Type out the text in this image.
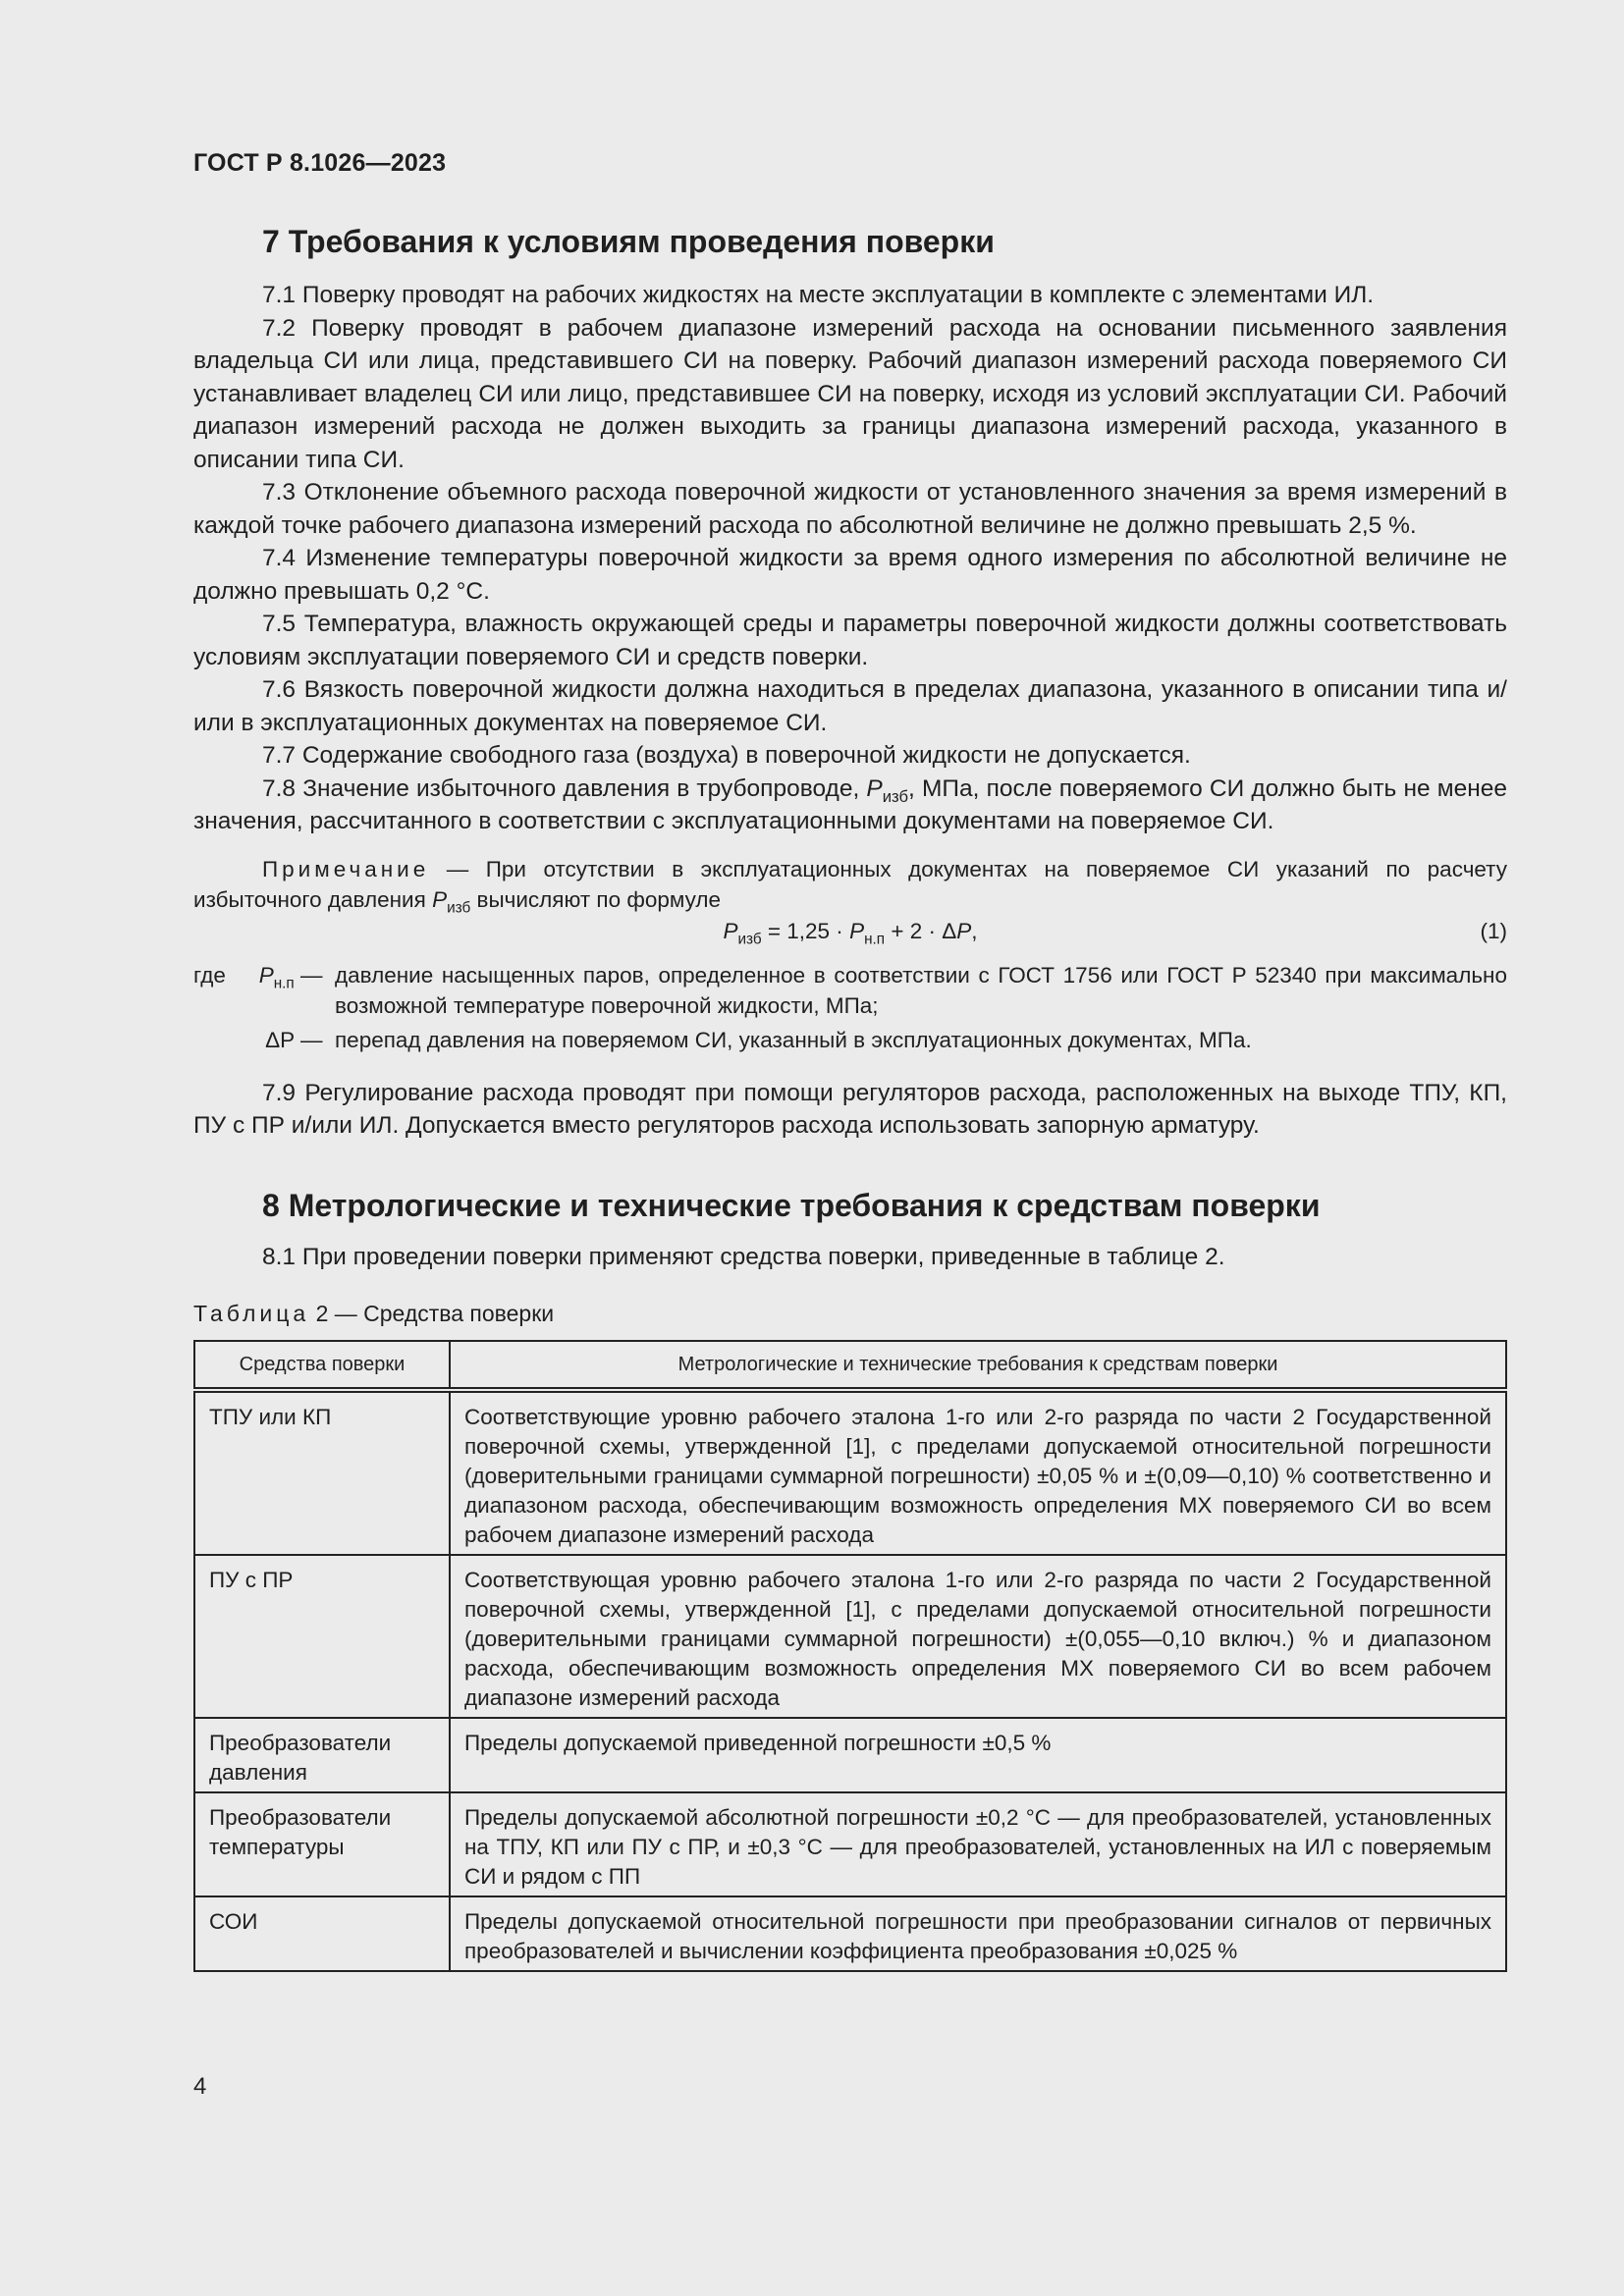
ГОСТ Р 8.1026—2023
7 Требования к условиям проведения поверки

7.1 Поверку проводят на рабочих жидкостях на месте эксплуатации в комплекте с элементами ИЛ.

7.2 Поверку проводят в рабочем диапазоне измерений расхода на основании письменного заявления владельца СИ или лица, представившего СИ на поверку. Рабочий диапазон измерений расхода поверяемого СИ устанавливает владелец СИ или лицо, представившее СИ на поверку, исходя из условий эксплуатации СИ. Рабочий диапазон измерений расхода не должен выходить за границы диапазона измерений расхода, указанного в описании типа СИ.

7.3 Отклонение объемного расхода поверочной жидкости от установленного значения за время измерений в каждой точке рабочего диапазона измерений расхода по абсолютной величине не должно превышать 2,5 %.

7.4 Изменение температуры поверочной жидкости за время одного измерения по абсолютной величине не должно превышать 0,2 °С.

7.5 Температура, влажность окружающей среды и параметры поверочной жидкости должны соответствовать условиям эксплуатации поверяемого СИ и средств поверки.

7.6 Вязкость поверочной жидкости должна находиться в пределах диапазона, указанного в описании типа и/или в эксплуатационных документах на поверяемое СИ.

7.7 Содержание свободного газа (воздуха) в поверочной жидкости не допускается.

7.8 Значение избыточного давления в трубопроводе, $P_{изб}$, МПа, после поверяемого СИ должно быть не менее значения, рассчитанного в соответствии с эксплуатационными документами на поверяемое СИ.

Примечание — При отсутствии в эксплуатационных документах на поверяемое СИ указаний по расчету избыточного давления $P_{изб}$ вычисляют по формуле
$P_{изб} = 1,25 \cdot P_{н.п} + 2 \cdot \Delta P$,	(1)
где $P_{н.п}$ — давление насыщенных паров, определенное в соответствии с ГОСТ 1756 или ГОСТ Р 52340 при максимально возможной температуре поверочной жидкости, МПа;
ΔP — перепад давления на поверяемом СИ, указанный в эксплуатационных документах, МПа.

7.9 Регулирование расхода проводят при помощи регуляторов расхода, расположенных на выходе ТПУ, КП, ПУ с ПР и/или ИЛ. Допускается вместо регуляторов расхода использовать запорную арматуру.

8 Метрологические и технические требования к средствам поверки

8.1 При проведении поверки применяют средства поверки, приведенные в таблице 2.

Таблица 2 — Средства поверки
Средства поверки	Метрологические и технические требования к средствам поверки
ТПУ или КП	Соответствующие уровню рабочего эталона 1-го или 2-го разряда по части 2 Государственной поверочной схемы, утвержденной [1], с пределами допускаемой относительной погрешности (доверительными границами суммарной погрешности) ±0,05 % и ±(0,09—0,10) % соответственно и диапазоном расхода, обеспечивающим возможность определения МХ поверяемого СИ во всем рабочем диапазоне измерений расхода
ПУ с ПР	Соответствующая уровню рабочего эталона 1-го или 2-го разряда по части 2 Государственной поверочной схемы, утвержденной [1], с пределами допускаемой относительной погрешности (доверительными границами суммарной погрешности) ±(0,055—0,10 включ.) % и диапазоном расхода, обеспечивающим возможность определения МХ поверяемого СИ во всем рабочем диапазоне измерений расхода
Преобразователи давления	Пределы допускаемой приведенной погрешности ±0,5 %
Преобразователи температуры	Пределы допускаемой абсолютной погрешности ±0,2 °С — для преобразователей, установленных на ТПУ, КП или ПУ с ПР, и ±0,3 °С — для преобразователей, установленных на ИЛ с поверяемым СИ и рядом с ПП
СОИ	Пределы допускаемой относительной погрешности при преобразовании сигналов от первичных преобразователей и вычислении коэффициента преобразования ±0,025 %
4
